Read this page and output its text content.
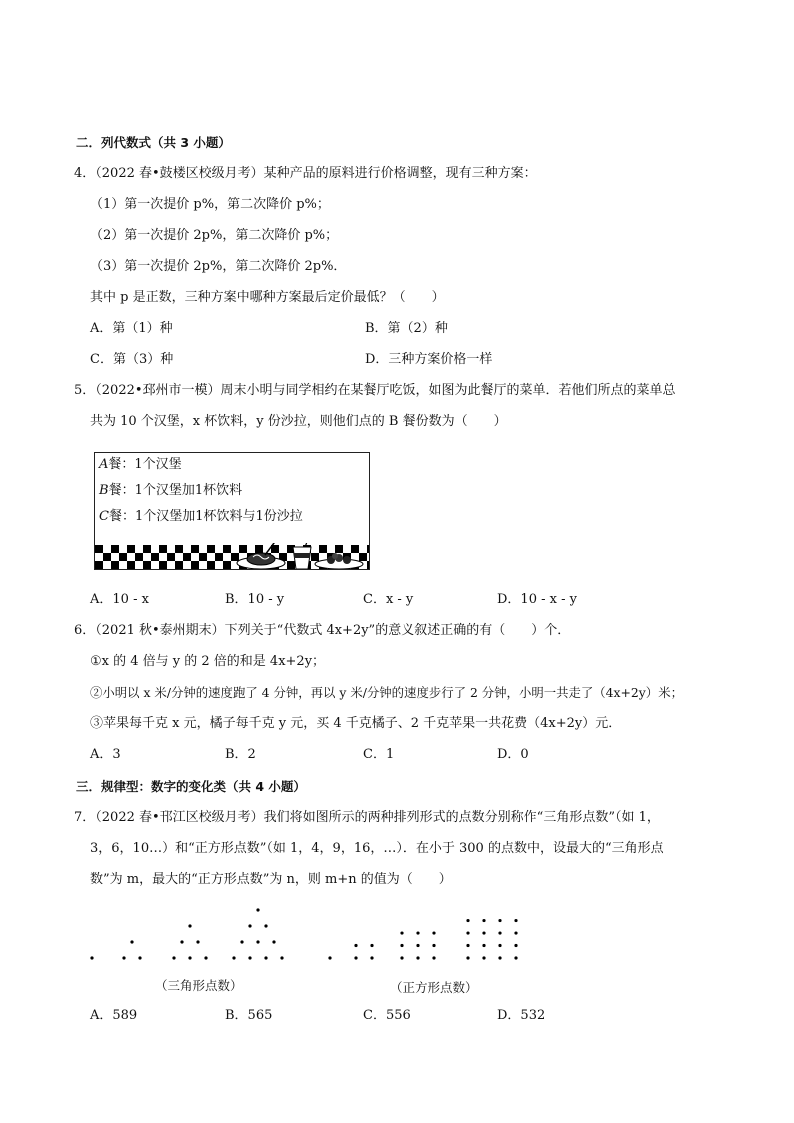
二．列代数式（共 3 小题）
4．（2022 春•鼓楼区校级月考）某种产品的原料进行价格调整，现有三种方案：
（1）第一次提价 p%，第二次降价 p%；
（2）第一次提价 2p%，第二次降价 p%；
（3）第一次提价 2p%，第二次降价 2p%．
其中 p 是正数，三种方案中哪种方案最后定价最低？（　　）
A．第（1）种	B．第（2）种
C．第（3）种	D．三种方案价格一样
5．（2022•邳州市一模）周末小明与同学相约在某餐厅吃饭，如图为此餐厅的菜单．若他们所点的菜单总
共为 10 个汉堡，x 杯饮料，y 份沙拉，则他们点的 B 餐份数为（　　）
A餐：1个汉堡
B餐：1个汉堡加1杯饮料
C餐：1个汉堡加1杯饮料与1份沙拉
A．10 - x	B．10 - y	C．x - y	D．10 - x - y
6．（2021 秋•泰州期末）下列关于“代数式 4x+2y”的意义叙述正确的有（　　）个．
①x 的 4 倍与 y 的 2 倍的和是 4x+2y；
②小明以 x 米/分钟的速度跑了 4 分钟，再以 y 米/分钟的速度步行了 2 分钟，小明一共走了（4x+2y）米；
③苹果每千克 x 元，橘子每千克 y 元，买 4 千克橘子、2 千克苹果一共花费（4x+2y）元．
A．3	B．2	C．1	D．0
三．规律型：数字的变化类（共 4 小题）
7．（2022 春•邗江区校级月考）我们将如图所示的两种排列形式的点数分别称作“三角形点数”（如 1，
3，6，10…）和“正方形点数”（如 1，4，9，16，…）．在小于 300 的点数中，设最大的“三角形点
数”为 m，最大的“正方形点数”为 n，则 m+n 的值为（　　）
（三角形点数）	（正方形点数）
A．589	B．565	C．556	D．532
